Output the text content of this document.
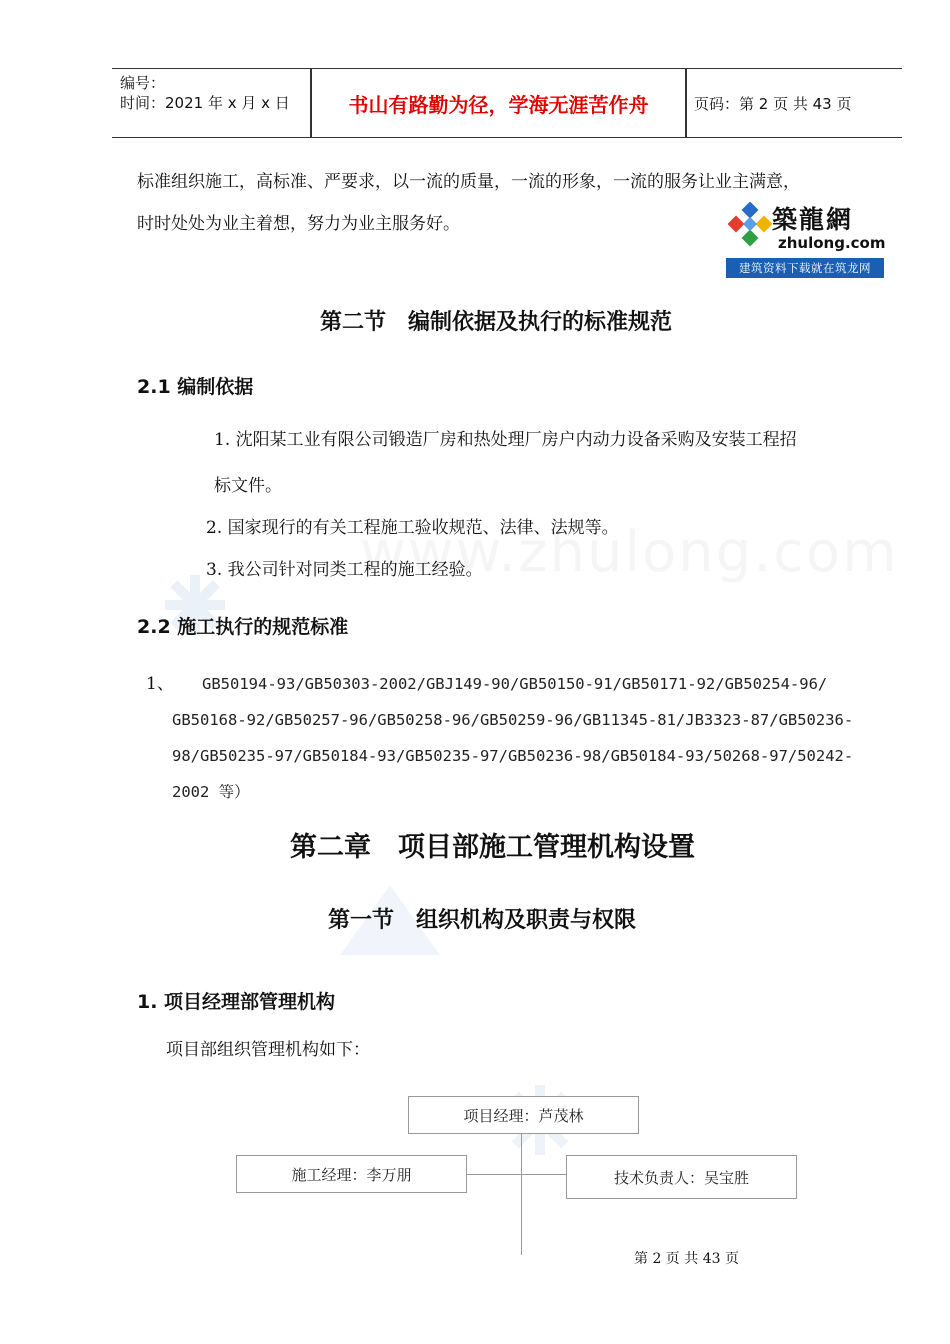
编号：
时间：2021 年 x 月 x 日	书山有路勤为径，学海无涯苦作舟	页码：第 2 页 共 43 页
标准组织施工，高标准、严要求，以一流的质量，一流的形象，一流的服务让业主满意，
时时处处为业主着想，努力为业主服务好。	築龍網
zhulong.com
建筑资料下载就在筑龙网
第二节　编制依据及执行的标准规范
2.1 编制依据
1. 沈阳某工业有限公司锻造厂房和热处理厂房户内动力设备采购及安装工程招
标文件。
2. 国家现行的有关工程施工验收规范、法律、法规等。
3. 我公司针对同类工程的施工经验。
2.2 施工执行的规范标准
1、 GB50194-93/GB50303-2002/GBJ149-90/GB50150-91/GB50171-92/GB50254-96/
GB50168-92/GB50257-96/GB50258-96/GB50259-96/GB11345-81/JB3323-87/GB50236-
98/GB50235-97/GB50184-93/GB50235-97/GB50236-98/GB50184-93/50268-97/50242-
2002 等）
第二章　项目部施工管理机构设置
第一节　组织机构及职责与权限
1. 项目经理部管理机构
项目部组织管理机构如下：
项目经理：芦茂林
施工经理：李万朋	技术负责人：吴宝胜
第 2 页 共 43 页
